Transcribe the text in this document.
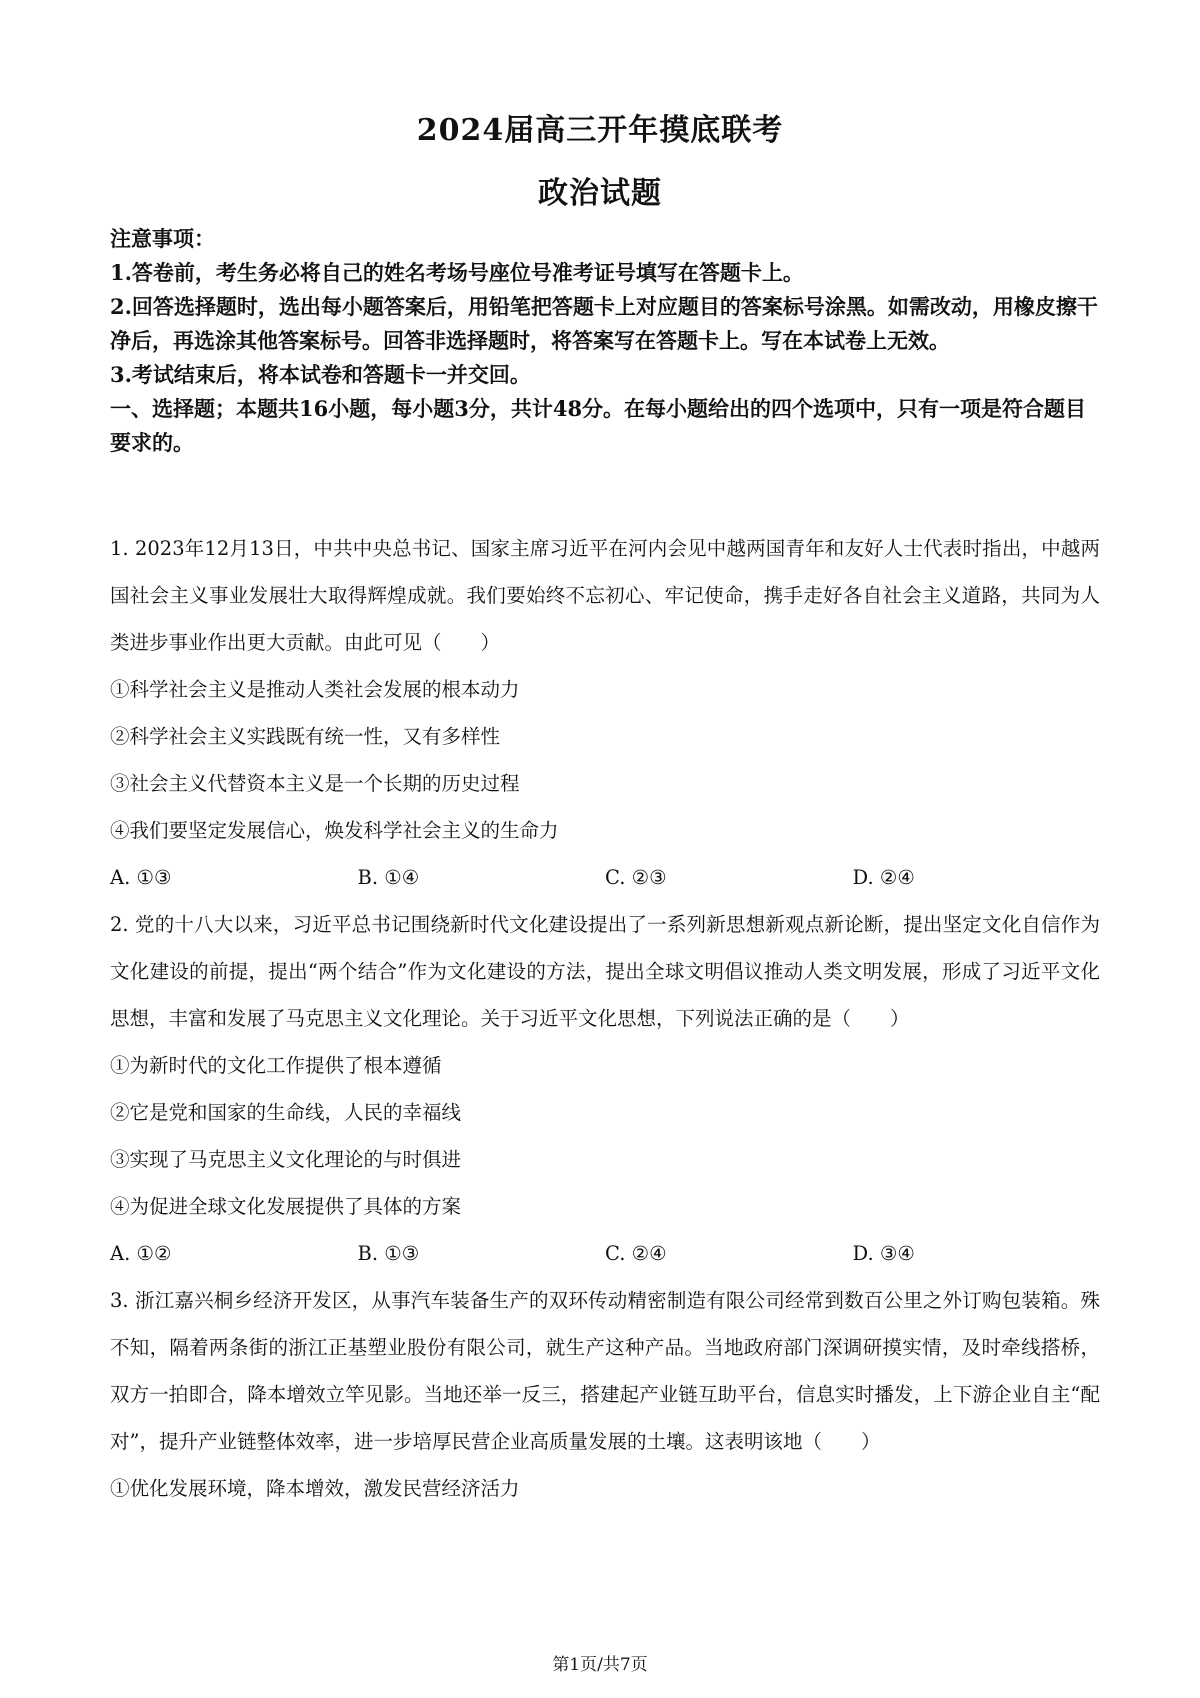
2024届高三开年摸底联考
政治试题

注意事项：

1.答卷前，考生务必将自己的姓名考场号座位号准考证号填写在答题卡上。

2.回答选择题时，选出每小题答案后，用铅笔把答题卡上对应题目的答案标号涂黑。如需改动，用橡皮擦干净后，再选涂其他答案标号。回答非选择题时，将答案写在答题卡上。写在本试卷上无效。

3.考试结束后，将本试卷和答题卡一并交回。

一、选择题；本题共16小题，每小题3分，共计48分。在每小题给出的四个选项中，只有一项是符合题目要求的。

1. 2023年12月13日，中共中央总书记、国家主席习近平在河内会见中越两国青年和友好人士代表时指出，中越两国社会主义事业发展壮大取得辉煌成就。我们要始终不忘初心、牢记使命，携手走好各自社会主义道路，共同为人类进步事业作出更大贡献。由此可见（　　）

①科学社会主义是推动人类社会发展的根本动力

②科学社会主义实践既有统一性，又有多样性

③社会主义代替资本主义是一个长期的历史过程

④我们要坚定发展信心，焕发科学社会主义的生命力

A. ①③	B. ①④	C. ②③	D. ②④

2. 党的十八大以来，习近平总书记围绕新时代文化建设提出了一系列新思想新观点新论断，提出坚定文化自信作为文化建设的前提，提出“两个结合”作为文化建设的方法，提出全球文明倡议推动人类文明发展，形成了习近平文化思想，丰富和发展了马克思主义文化理论。关于习近平文化思想，下列说法正确的是（　　）

①为新时代的文化工作提供了根本遵循

②它是党和国家的生命线，人民的幸福线

③实现了马克思主义文化理论的与时俱进

④为促进全球文化发展提供了具体的方案

A. ①②	B. ①③	C. ②④	D. ③④

3. 浙江嘉兴桐乡经济开发区，从事汽车装备生产的双环传动精密制造有限公司经常到数百公里之外订购包装箱。殊不知，隔着两条街的浙江正基塑业股份有限公司，就生产这种产品。当地政府部门深调研摸实情，及时牵线搭桥，双方一拍即合，降本增效立竿见影。当地还举一反三，搭建起产业链互助平台，信息实时播发，上下游企业自主“配对”，提升产业链整体效率，进一步培厚民营企业高质量发展的土壤。这表明该地（　　）

①优化发展环境，降本增效，激发民营经济活力

第1页/共7页
